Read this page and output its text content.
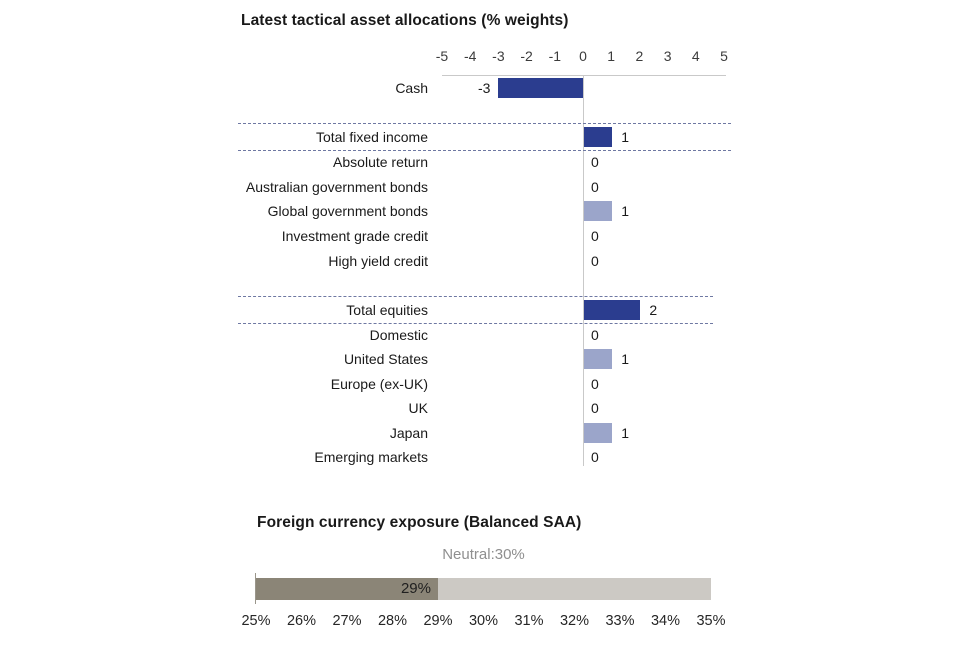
Latest tactical asset allocations (% weights)
-5 -4 -3 -2 -1 0 1 2 3 4 5
Cash	-3
Total fixed income	1
Absolute return	0
Australian government bonds	0
Global government bonds	1
Investment grade credit	0
High yield credit	0
Total equities	2
Domestic	0
United States	1
Europe (ex-UK)	0
UK	0
Japan	1
Emerging markets	0
Foreign currency exposure (Balanced SAA)
Neutral:30%
29%
25% 26% 27% 28% 29% 30% 31% 32% 33% 34% 35%
